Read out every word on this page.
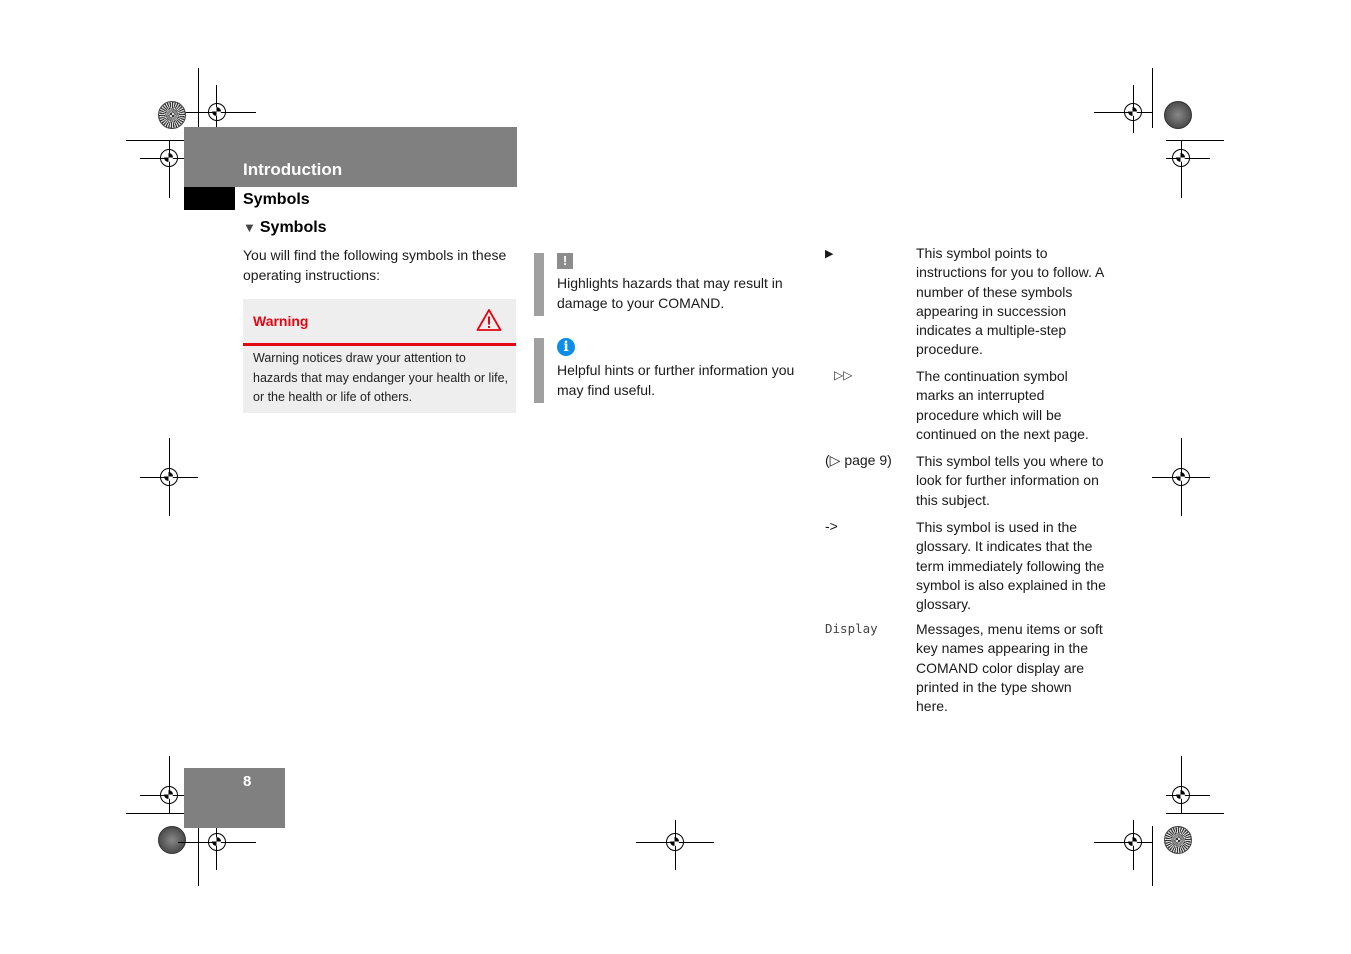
Introduction
Symbols
▼ Symbols
You will find the following symbols in these operating instructions:
Warning
Warning notices draw your attention to hazards that may endanger your health or life, or the health or life of others.
!
Highlights hazards that may result in damage to your COMAND.
i
Helpful hints or further information you may find useful.
▶	This symbol points to instructions for you to follow. A number of these symbols appearing in succession indicates a multiple-step procedure.
▷▷	The continuation symbol marks an interrupted procedure which will be continued on the next page.
(▷ page 9) This symbol tells you where to look for further information on this subject.
->	This symbol is used in the glossary. It indicates that the term immediately following the symbol is also explained in the glossary.
Display	Messages, menu items or soft key names appearing in the COMAND color display are printed in the type shown here.
8
